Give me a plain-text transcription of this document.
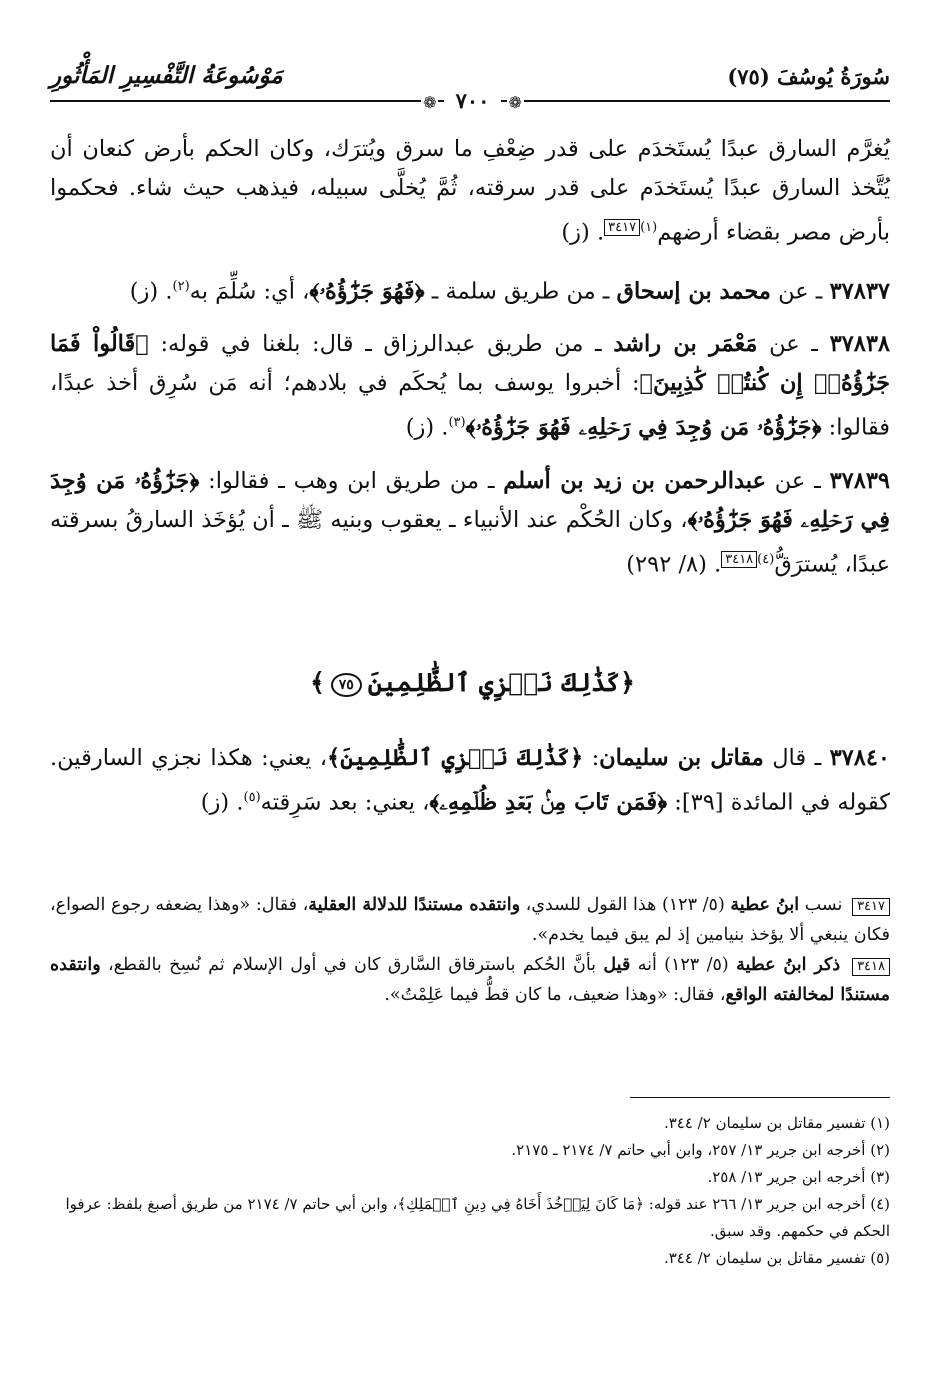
سُورَةُ يُوسُفَ (٧٥)
مَوْسُوعَةُ التَّفْسِيرِ المَأْثُورِ
❁ ٧٠٠ ❁

يُغرَّم السارق عبدًا يُستَخدَم على قدر ضِعْفِ ما سرق ويُترَك، وكان الحكم بأرض كنعان أن يُتَّخذ السارق عبدًا يُستَخدَم على قدر سرقته، ثُمَّ يُخلَّى سبيله، فيذهب حيث شاء. فحكموا بأرض مصر بقضاء أرضهم$^{(١)}$٣٤١٧. (ز)

٣٧٨٣٧ ـ عن محمد بن إسحاق ـ من طريق سلمة ـ ﴿فَهُوَ جَزَٰٓؤُهُۥ﴾، أي: سُلِّمَ به$^{(٢)}$. (ز)

٣٧٨٣٨ ـ عن مَعْمَر بن راشد ـ من طريق عبدالرزاق ـ قال: بلغنا في قوله: ﴿قَالُواْ فَمَا جَزَٰٓؤُهُۥٓ إِن كُنتُمۡ كَٰذِبِينَ﴾: أخبروا يوسف بما يُحكَم في بلادهم؛ أنه مَن سُرِق أخذ عبدًا، فقالوا: ﴿جَزَٰٓؤُهُۥ مَن وُجِدَ فِي رَحۡلِهِۦ فَهُوَ جَزَٰٓؤُهُۥ﴾$^{(٣)}$. (ز)

٣٧٨٣٩ ـ عن عبدالرحمن بن زيد بن أسلم ـ من طريق ابن وهب ـ فقالوا: ﴿جَزَٰٓؤُهُۥ مَن وُجِدَ فِي رَحۡلِهِۦ فَهُوَ جَزَٰٓؤُهُۥ﴾، وكان الحُكْم عند الأنبياء ـ يعقوب وبنيه ﷺ ـ أن يُؤخَذ السارقُ بسرقته عبدًا، يُسترَقُّ$^{(٤)}$٣٤١٨. (٨/ ٢٩٢)

﴿كَذَٰلِكَ نَجۡزِي ٱلظَّٰلِمِينَ٧٥﴾
٣٧٨٤٠ ـ قال مقاتل بن سليمان: ﴿كَذَٰلِكَ نَجۡزِي ٱلظَّٰلِمِينَ﴾، يعني: هكذا نجزي السارقين. كقوله في المائدة [٣٩]: ﴿فَمَن تَابَ مِنۢ بَعۡدِ ظُلۡمِهِۦ﴾، يعني: بعد سَرِقته$^{(٥)}$. (ز)

٣٤١٧ نسب ابنُ عطية (٥/ ١٢٣) هذا القول للسدي، وانتقده مستندًا للدلالة العقلية، فقال: «وهذا يضعفه رجوع الصواع، فكان ينبغي ألا يؤخذ بنيامين إذ لم يبق فيما يخدم».

٣٤١٨ ذكر ابنُ عطية (٥/ ١٢٣) أنه قيل بأنَّ الحُكم باسترقاق السَّارق كان في أول الإسلام ثم نُسِخ بالقطع، وانتقده مستندًا لمخالفته الواقع، فقال: «وهذا ضعيف، ما كان قطُّ فيما عَلِمْتُ».

(١) تفسير مقاتل بن سليمان ٢/ ٣٤٤.

(٢) أخرجه ابن جرير ١٣/ ٢٥٧، وابن أبي حاتم ٧/ ٢١٧٤ ـ ٢١٧٥.

(٣) أخرجه ابن جرير ١٣/ ٢٥٨.

(٤) أخرجه ابن جرير ١٣/ ٢٦٦ عند قوله: ﴿مَا كَانَ لِيَأۡخُذَ أَخَاهُ فِي دِينِ ٱلۡمَلِكِ﴾، وابن أبي حاتم ٧/ ٢١٧٤ من طريق أصبغ بلفظ: عرفوا الحكم في حكمهم. وقد سبق.

(٥) تفسير مقاتل بن سليمان ٢/ ٣٤٤.
